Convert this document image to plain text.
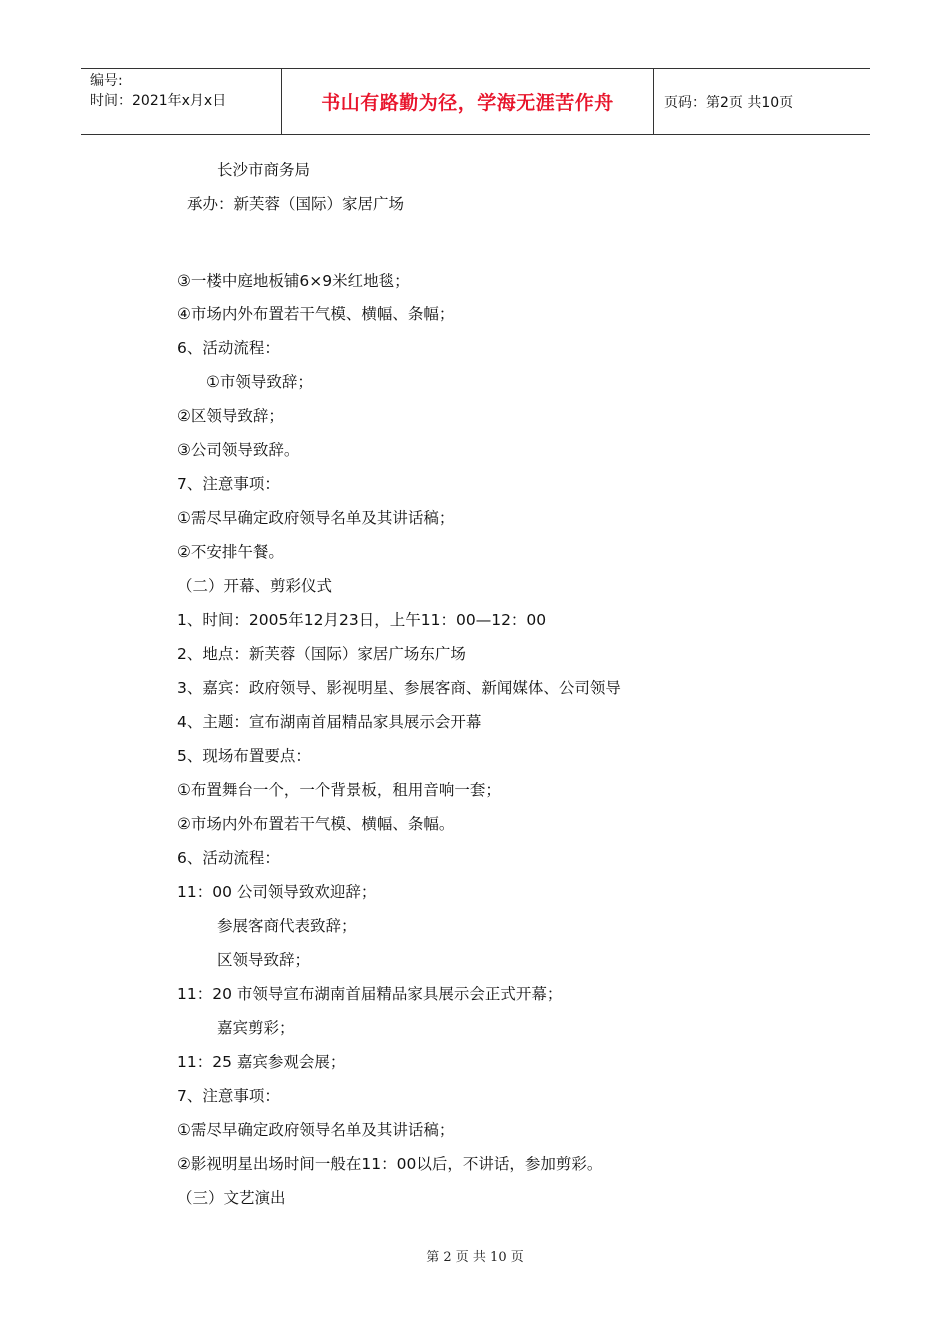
编号:
时间：2021年x月x日	书山有路勤为径，学海无涯苦作舟	页码：第2页 共10页
长沙市商务局
承办：新芙蓉（国际）家居广场
③一楼中庭地板铺6×9米红地毯；
④市场内外布置若干气模、横幅、条幅；
6、活动流程：
①市领导致辞；
②区领导致辞；
③公司领导致辞。
7、注意事项：
①需尽早确定政府领导名单及其讲话稿；
②不安排午餐。
（二）开幕、剪彩仪式
1、时间：2005年12月23日，上午11：00—12：00
2、地点：新芙蓉（国际）家居广场东广场
3、嘉宾：政府领导、影视明星、参展客商、新闻媒体、公司领导
4、主题：宣布湖南首届精品家具展示会开幕
5、现场布置要点：
①布置舞台一个，一个背景板，租用音响一套；
②市场内外布置若干气模、横幅、条幅。
6、活动流程：
11：00 公司领导致欢迎辞；
参展客商代表致辞；
区领导致辞；
11：20 市领导宣布湖南首届精品家具展示会正式开幕；
嘉宾剪彩；
11：25 嘉宾参观会展；
7、注意事项：
①需尽早确定政府领导名单及其讲话稿；
②影视明星出场时间一般在11：00以后，不讲话，参加剪彩。
（三）文艺演出
第 2 页 共 10 页
